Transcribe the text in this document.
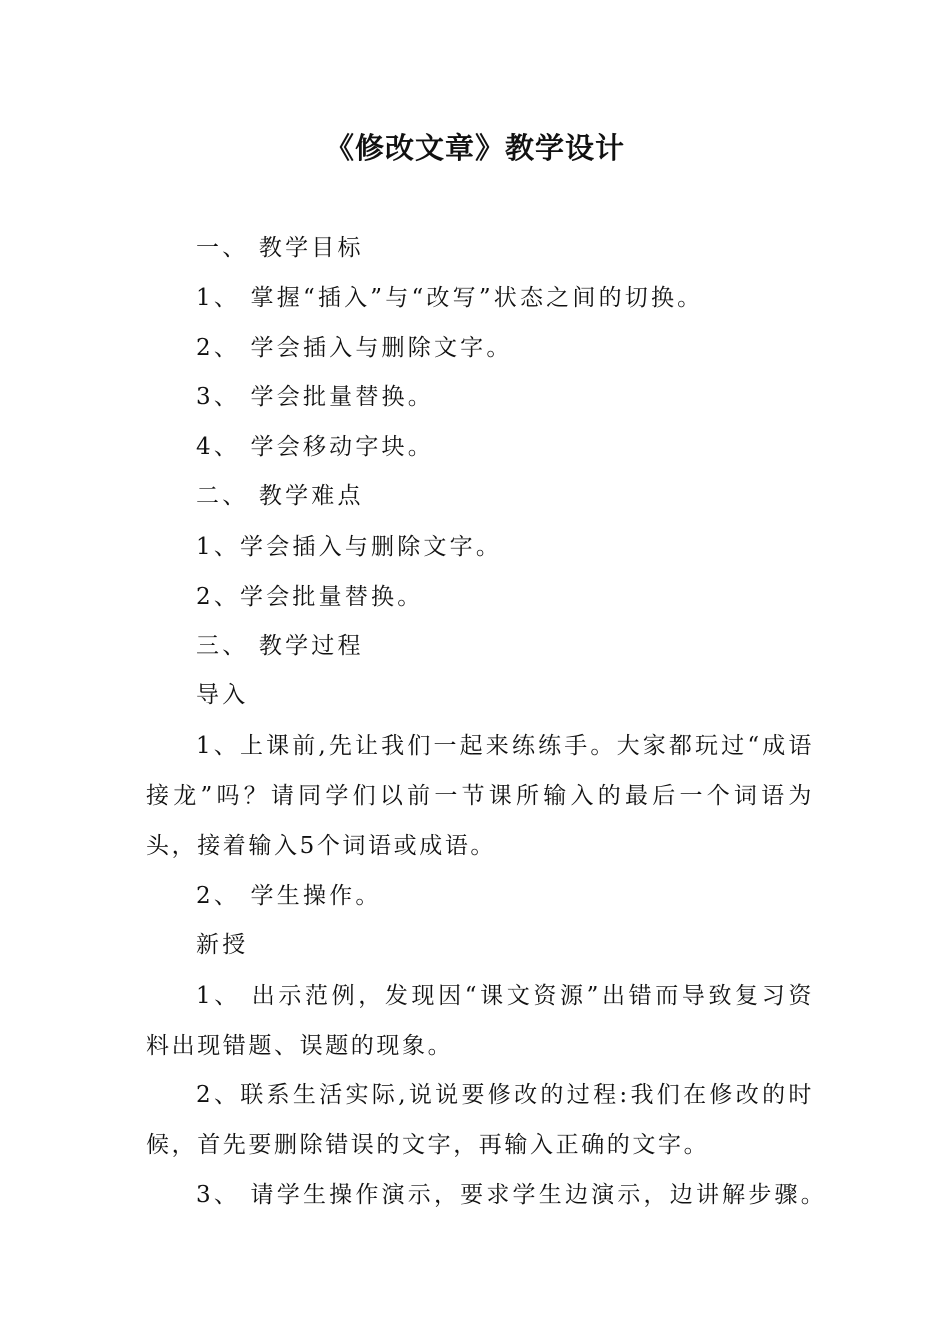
《修改文章》教学设计
一、 教学目标
1、 掌握“插入”与“改写”状态之间的切换。
2、 学会插入与删除文字。
3、 学会批量替换。
4、 学会移动字块。
二、 教学难点
1、学会插入与删除文字。
2、学会批量替换。
三、 教学过程
导入

1、上课前,先让我们一起来练练手。大家都玩过“成语接龙”吗？请同学们以前一节课所输入的最后一个词语为头，接着输入5个词语或成语。

2、 学生操作。
新授

1、 出示范例，发现因“课文资源”出错而导致复习资料出现错题、误题的现象。

2、联系生活实际,说说要修改的过程:我们在修改的时候，首先要删除错误的文字，再输入正确的文字。

3、 请学生操作演示，要求学生边演示，边讲解步骤。
